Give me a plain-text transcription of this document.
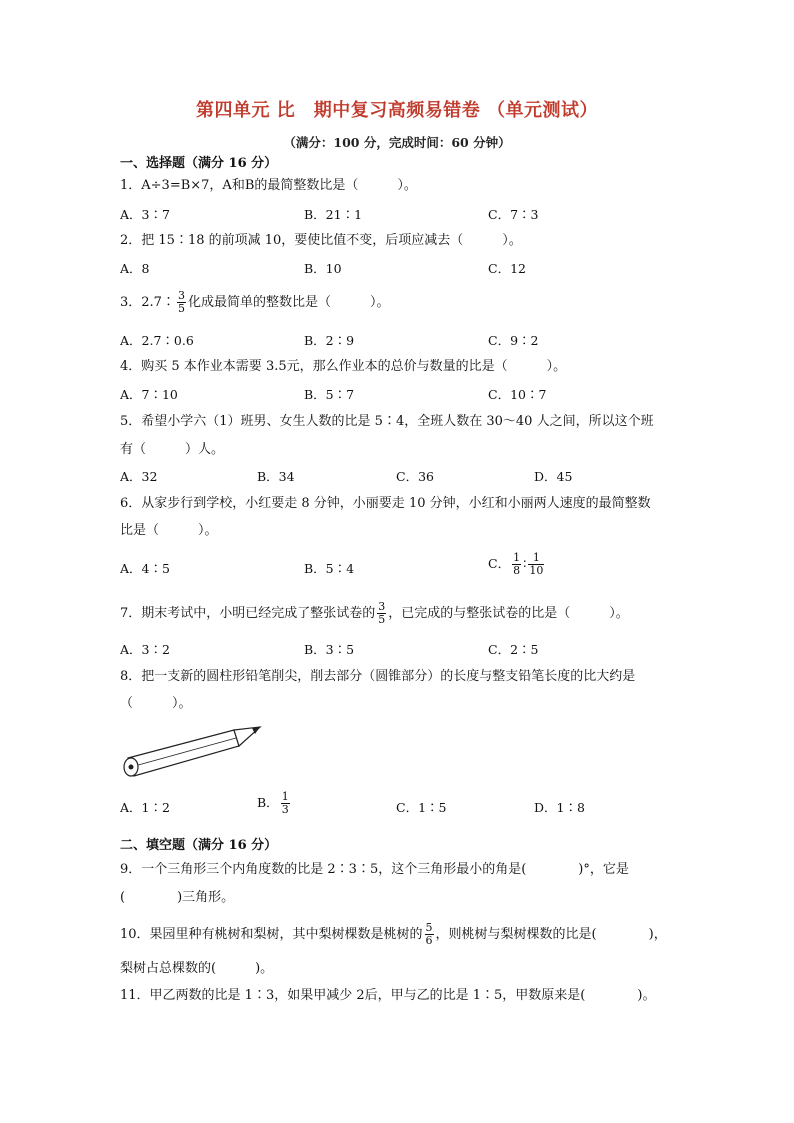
第四单元 比　期中复习高频易错卷 （单元测试）
（满分：100 分，完成时间：60 分钟）
一、选择题（满分 16 分）
1．A÷3=B×7，A和B的最简整数比是（　　　）。
A．3∶7	B．21∶1	C．7∶3
2．把 15∶18 的前项减 10，要使比值不变，后项应减去（　　　）。
A．8	B．10	C．12
3．2.7∶ $\frac{3}{5}$ 化成最简单的整数比是（　　　）。
A．2.7∶0.6	B．2∶9	C．9∶2
4．购买 5 本作业本需要 3.5元，那么作业本的总价与数量的比是（　　　）。
A．7∶10	B．5∶7	C．10∶7
5．希望小学六（1）班男、女生人数的比是 5∶4，全班人数在 30～40 人之间，所以这个班
有（　　　）人。
A．32	B．34	C．36	D．45
6．从家步行到学校，小红要走 8 分钟，小丽要走 10 分钟，小红和小丽两人速度的最简整数
比是（　　　）。
A．4∶5	B．5∶4	C． $\frac{1}{8}$ ∶ $\frac{1}{10}$
7．期末考试中，小明已经完成了整张试卷的 $\frac{3}{5}$ ，已完成的与整张试卷的比是（　　　）。
A．3∶2	B．3∶5	C．2∶5
8．把一支新的圆柱形铅笔削尖，削去部分（圆锥部分）的长度与整支铅笔长度的比大约是
（　　　）。
A．1∶2	B． $\frac{1}{3}$	C．1∶5	D．1∶8
二、填空题（满分 16 分）
9．一个三角形三个内角度数的比是 2∶3∶5，这个三角形最小的角是(　　　　)°，它是
(　　　　)三角形。
10．果园里种有桃树和梨树，其中梨树棵数是桃树的 $\frac{5}{6}$ ，则桃树与梨树棵数的比是(　　　　)，
梨树占总棵数的(　　　)。
11．甲乙两数的比是 1∶3，如果甲减少 2后，甲与乙的比是 1∶5，甲数原来是(　　　　)。
